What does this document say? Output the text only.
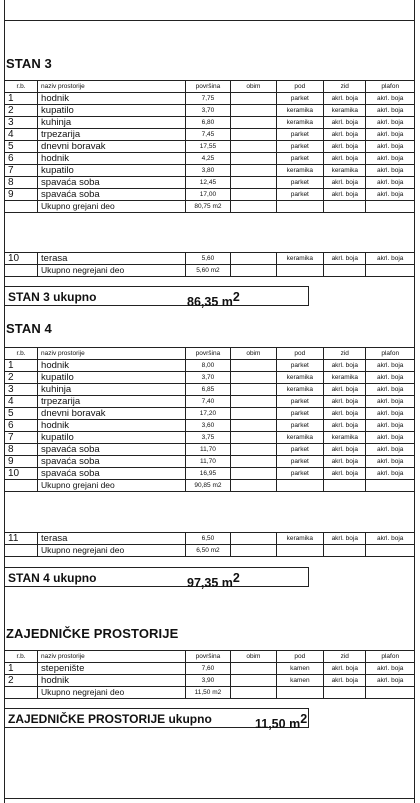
STAN 3
r.b.	naziv prostorije	površina	obim	pod	zid	plafon
1	hodnik	7,75		parket	akrl. boja	akrl. boja
2	kupatilo	3,70		keramika	keramika	akrl. boja
3	kuhinja	6,80		keramika	akrl. boja	akrl. boja
4	trpezarija	7,45		parket	akrl. boja	akrl. boja
5	dnevni boravak	17,55		parket	akrl. boja	akrl. boja
6	hodnik	4,25		parket	akrl. boja	akrl. boja
7	kupatilo	3,80		keramika	keramika	akrl. boja
8	spavaća soba	12,45		parket	akrl. boja	akrl. boja
9	spavaća soba	17,00		parket	akrl. boja	akrl. boja
	Ukupno grejani deo	80,75 m2				
10	terasa	5,60		keramika	akrl. boja	akrl. boja
	Ukupno negrejani deo	5,60 m2				
STAN 3 ukupno	86,35 $m^2$
STAN 4
r.b.	naziv prostorije	površina	obim	pod	zid	plafon
1	hodnik	8,00		parket	akrl. boja	akrl. boja
2	kupatilo	3,70		keramika	keramika	akrl. boja
3	kuhinja	6,85		keramika	akrl. boja	akrl. boja
4	trpezarija	7,40		parket	akrl. boja	akrl. boja
5	dnevni boravak	17,20		parket	akrl. boja	akrl. boja
6	hodnik	3,60		parket	akrl. boja	akrl. boja
7	kupatilo	3,75		keramika	keramika	akrl. boja
8	spavaća soba	11,70		parket	akrl. boja	akrl. boja
9	spavaća soba	11,70		parket	akrl. boja	akrl. boja
10	spavaća soba	16,95		parket	akrl. boja	akrl. boja
	Ukupno grejani deo	90,85 m2				
11	terasa	6,50		keramika	akrl. boja	akrl. boja
	Ukupno negrejani deo	6,50 m2				
STAN 4 ukupno	97,35 $m^2$
ZAJEDNIČKE PROSTORIJE
r.b.	naziv prostorije	površina	obim	pod	zid	plafon
1	stepenište	7,60		kamen	akrl. boja	akrl. boja
2	hodnik	3,90		kamen	akrl. boja	akrl. boja
	Ukupno negrejani deo	11,50 m2				
ZAJEDNIČKE PROSTORIJE ukupno	11,50 $m^2$
